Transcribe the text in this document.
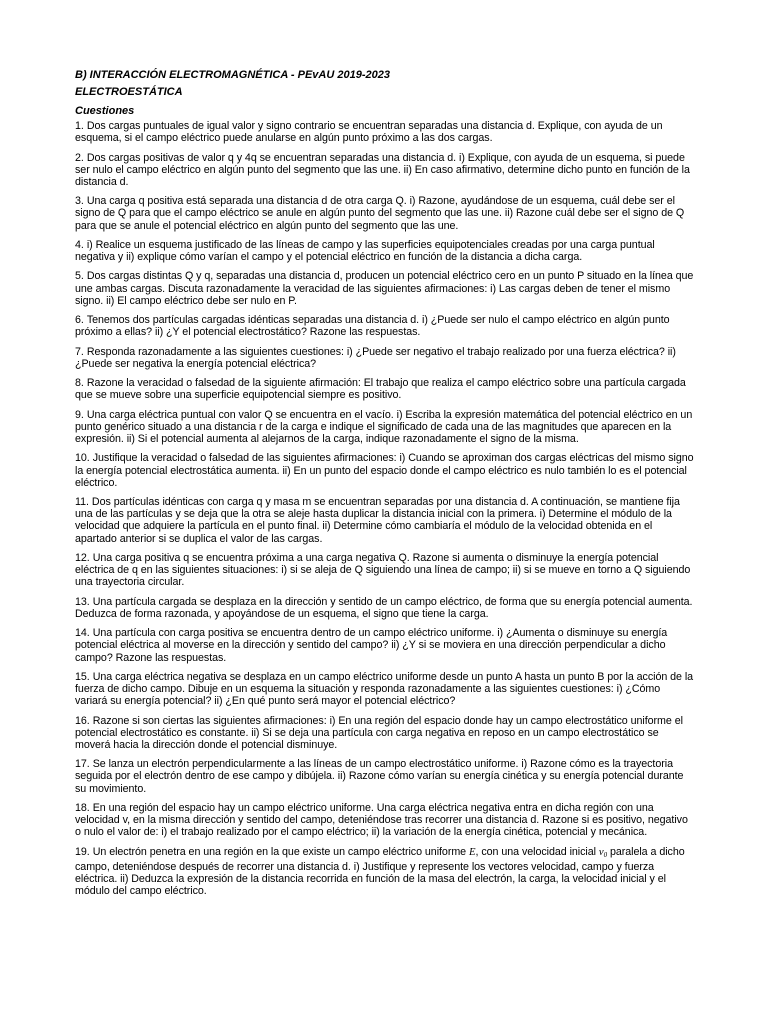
B) INTERACCIÓN ELECTROMAGNÉTICA - PEvAU 2019-2023

ELECTROESTÁTICA

Cuestiones

1. Dos cargas puntuales de igual valor y signo contrario se encuentran separadas una distancia d. Explique, con ayuda de un esquema, si el campo eléctrico puede anularse en algún punto próximo a las dos cargas.

2. Dos cargas positivas de valor q y 4q se encuentran separadas una distancia d. i) Explique, con ayuda de un esquema, si puede ser nulo el campo eléctrico en algún punto del segmento que las une. ii) En caso afirmativo, determine dicho punto en función de la distancia d.

3. Una carga q positiva está separada una distancia d de otra carga Q. i) Razone, ayudándose de un esquema, cuál debe ser el signo de Q para que el campo eléctrico se anule en algún punto del segmento que las une. ii) Razone cuál debe ser el signo de Q para que se anule el potencial eléctrico en algún punto del segmento que las une.

4. i) Realice un esquema justificado de las líneas de campo y las superficies equipotenciales creadas por una carga puntual negativa y ii) explique cómo varían el campo y el potencial eléctrico en función de la distancia a dicha carga.

5. Dos cargas distintas Q y q, separadas una distancia d, producen un potencial eléctrico cero en un punto P situado en la línea que une ambas cargas. Discuta razonadamente la veracidad de las siguientes afirmaciones: i) Las cargas deben de tener el mismo signo. ii) El campo eléctrico debe ser nulo en P.

6. Tenemos dos partículas cargadas idénticas separadas una distancia d. i) ¿Puede ser nulo el campo eléctrico en algún punto próximo a ellas? ii) ¿Y el potencial electrostático? Razone las respuestas.

7. Responda razonadamente a las siguientes cuestiones: i) ¿Puede ser negativo el trabajo realizado por una fuerza eléctrica? ii) ¿Puede ser negativa la energía potencial eléctrica?

8. Razone la veracidad o falsedad de la siguiente afirmación: El trabajo que realiza el campo eléctrico sobre una partícula cargada que se mueve sobre una superficie equipotencial siempre es positivo.

9. Una carga eléctrica puntual con valor Q se encuentra en el vacío. i) Escriba la expresión matemática del potencial eléctrico en un punto genérico situado a una distancia r de la carga e indique el significado de cada una de las magnitudes que aparecen en la expresión. ii) Si el potencial aumenta al alejarnos de la carga, indique razonadamente el signo de la misma.

10. Justifique la veracidad o falsedad de las siguientes afirmaciones: i) Cuando se aproximan dos cargas eléctricas del mismo signo la energía potencial electrostática aumenta. ii) En un punto del espacio donde el campo eléctrico es nulo también lo es el potencial eléctrico.

11. Dos partículas idénticas con carga q y masa m se encuentran separadas por una distancia d. A continuación, se mantiene fija una de las partículas y se deja que la otra se aleje hasta duplicar la distancia inicial con la primera. i) Determine el módulo de la velocidad que adquiere la partícula en el punto final. ii) Determine cómo cambiaría el módulo de la velocidad obtenida en el apartado anterior si se duplica el valor de las cargas.

12. Una carga positiva q se encuentra próxima a una carga negativa Q. Razone si aumenta o disminuye la energía potencial eléctrica de q en las siguientes situaciones: i) si se aleja de Q siguiendo una línea de campo; ii) si se mueve en torno a Q siguiendo una trayectoria circular.

13. Una partícula cargada se desplaza en la dirección y sentido de un campo eléctrico, de forma que su energía potencial aumenta. Deduzca de forma razonada, y apoyándose de un esquema, el signo que tiene la carga.

14. Una partícula con carga positiva se encuentra dentro de un campo eléctrico uniforme. i) ¿Aumenta o disminuye su energía potencial eléctrica al moverse en la dirección y sentido del campo? ii) ¿Y si se moviera en una dirección perpendicular a dicho campo? Razone las respuestas.

15. Una carga eléctrica negativa se desplaza en un campo eléctrico uniforme desde un punto A hasta un punto B por la acción de la fuerza de dicho campo. Dibuje en un esquema la situación y responda razonadamente a las siguientes cuestiones: i) ¿Cómo variará su energía potencial? ii) ¿En qué punto será mayor el potencial eléctrico?

16. Razone si son ciertas las siguientes afirmaciones: i) En una región del espacio donde hay un campo electrostático uniforme el potencial electrostático es constante. ii) Si se deja una partícula con carga negativa en reposo en un campo electrostático se moverá hacia la dirección donde el potencial disminuye.

17. Se lanza un electrón perpendicularmente a las líneas de un campo electrostático uniforme. i) Razone cómo es la trayectoria seguida por el electrón dentro de ese campo y dibújela. ii) Razone cómo varían su energía cinética y su energía potencial durante su movimiento.

18. En una región del espacio hay un campo eléctrico uniforme. Una carga eléctrica negativa entra en dicha región con una velocidad v, en la misma dirección y sentido del campo, deteniéndose tras recorrer una distancia d. Razone si es positivo, negativo o nulo el valor de: i) el trabajo realizado por el campo eléctrico; ii) la variación de la energía cinética, potencial y mecánica.

19. Un electrón penetra en una región en la que existe un campo eléctrico uniforme E, con una velocidad inicial v0 paralela a dicho campo, deteniéndose después de recorrer una distancia d. i) Justifique y represente los vectores velocidad, campo y fuerza eléctrica. ii) Deduzca la expresión de la distancia recorrida en función de la masa del electrón, la carga, la velocidad inicial y el módulo del campo eléctrico.
